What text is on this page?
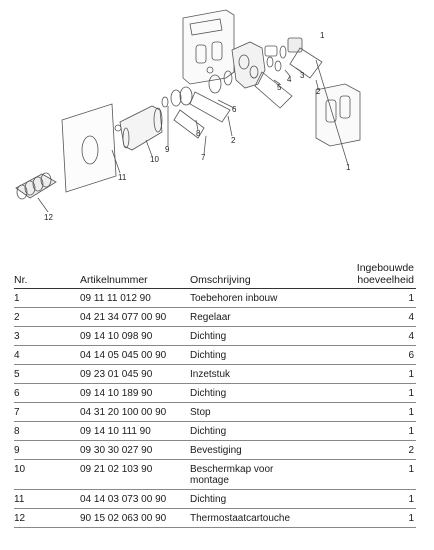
1
2
3
4
5
6
7
8
9
10
11
12
2
1
Nr.	Artikelnummer	Omschrijving	Ingebouwde
hoeveelheid

1	09 11 11 012 90	Toebehoren inbouw	1
2	04 21 34 077 00 90	Regelaar	4
3	09 14 10 098 90	Dichting	4
4	04 14 05 045 00 90	Dichting	6
5	09 23 01 045 90	Inzetstuk	1
6	09 14 10 189 90	Dichting	1
7	04 31 20 100 00 90	Stop	1
8	09 14 10 111 90	Dichting	1
9	09 30 30 027 90	Bevestiging	2
10	09 21 02 103 90	Beschermkap voor
montage	1
11	04 14 03 073 00 90	Dichting	1
12	90 15 02 063 00 90	Thermostaatcartouche	1
